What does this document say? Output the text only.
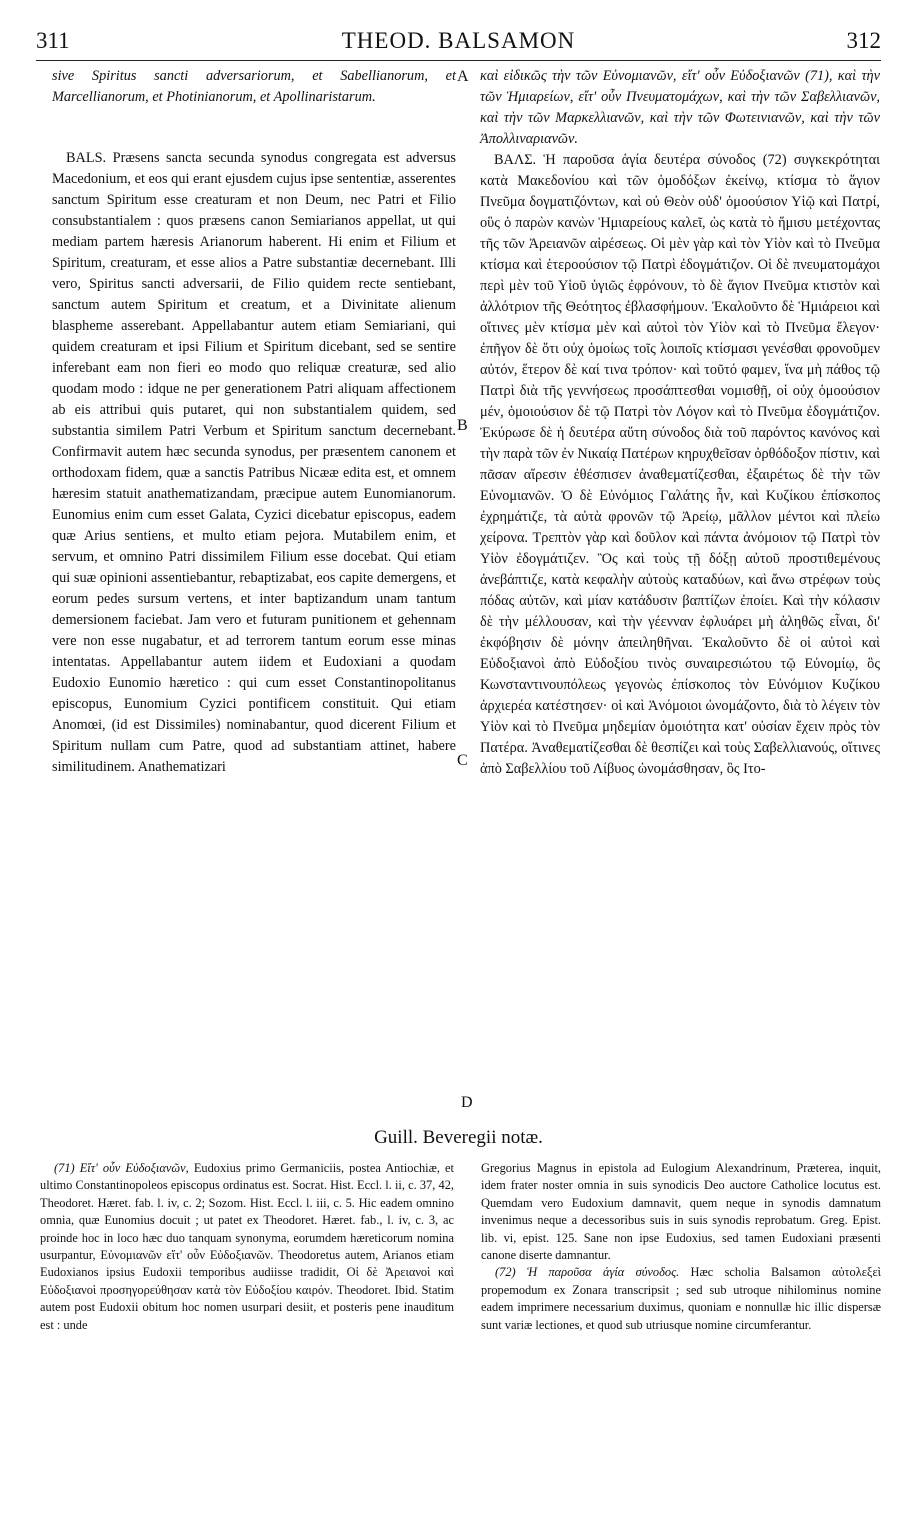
311	THEOD. BALSAMON	312

sive Spiritus sancti adversariorum, et Sabellianorum, et Marcellianorum, et Photinianorum, et Apollinaristarum.

BALS. Præsens sancta secunda synodus congregata est adversus Macedonium, et eos qui erant ejusdem cujus ipse sententiæ, asserentes sanctum Spiritum esse creaturam et non Deum, nec Patri et Filio consubstantialem : quos præsens canon Semiarianos appellat, ut qui mediam partem hæresis Arianorum haberent. Hi enim et Filium et Spiritum, creaturam, et esse alios a Patre substantiæ decernebant. Illi vero, Spiritus sancti adversarii, de Filio quidem recte sentiebant, sanctum autem Spiritum et creatum, et a Divinitate alienum blaspheme asserebant. Appellabantur autem etiam Semiariani, qui quidem creaturam et ipsi Filium et Spiritum dicebant, sed se sentire inferebant eam non fieri eo modo quo reliquæ creaturæ, sed alio quodam modo : idque ne per generationem Patri aliquam affectionem ab eis attribui quis putaret, qui non substantialem quidem, sed substantia similem Patri Verbum et Spiritum sanctum decernebant. Confirmavit autem hæc secunda synodus, per præsentem canonem et orthodoxam fidem, quæ a sanctis Patribus Nicææ edita est, et omnem hæresim statuit anathematizandam, præcipue autem Eunomianorum. Eunomius enim cum esset Galata, Cyzici dicebatur episcopus, eadem quæ Arius sentiens, et multo etiam pejora. Mutabilem enim, et servum, et omnino Patri dissimilem Filium esse docebat. Qui etiam qui suæ opinioni assentiebantur, rebaptizabat, eos capite demergens, et eorum pedes sursum vertens, et inter baptizandum unam tantum demersionem faciebat. Jam vero et futuram punitionem et gehennam vere non esse nugabatur, et ad terrorem tantum eorum esse minas intentatas. Appellabantur autem iidem et Eudoxiani a quodam Eudoxio Eunomio hæretico : qui cum esset Constantinopolitanus episcopus, Eunomium Cyzici pontificem constituit. Qui etiam Anomœi, (id est Dissimiles) nominabantur, quod dicerent Filium et Spiritum nullam cum Patre, quod ad substantiam attinet, habere similitudinem. Anathematizari

καὶ εἰδικῶς τὴν τῶν Εὐνομιανῶν, εἴτ' οὖν Εὐδοξιανῶν (71), καὶ τὴν τῶν Ἡμιαρείων, εἴτ' οὖν Πνευματομάχων, καὶ τὴν τῶν Σαβελλιανῶν, καὶ τὴν τῶν Μαρκελλιανῶν, καὶ τὴν τῶν Φωτεινιανῶν, καὶ τὴν τῶν Ἀπολλιναριανῶν.

ΒΑΛΣ. Ἡ παροῦσα ἁγία δευτέρα σύνοδος (72) συγκεκρότηται κατὰ Μακεδονίου καὶ τῶν ὁμοδόξων ἐκείνῳ, κτίσμα τὸ ἅγιον Πνεῦμα δογματιζόντων, καὶ οὐ Θεὸν οὐδ' ὁμοούσιον Υἱῷ καὶ Πατρί, οὓς ὁ παρὼν κανὼν Ἡμιαρείους καλεῖ, ὡς κατὰ τὸ ἥμισυ μετέχοντας τῆς τῶν Ἀρειανῶν αἱρέσεως. Οἱ μὲν γὰρ καὶ τὸν Υἱὸν καὶ τὸ Πνεῦμα κτίσμα καὶ ἑτεροούσιον τῷ Πατρὶ ἐδογμάτιζον. Οἱ δὲ πνευματομάχοι περὶ μὲν τοῦ Υἱοῦ ὑγιῶς ἐφρόνουν, τὸ δὲ ἅγιον Πνεῦμα κτιστὸν καὶ ἀλλότριον τῆς Θεότητος ἐβλασφήμουν. Ἐκαλοῦντο δὲ Ἡμιάρειοι καὶ οἵτινες μὲν κτίσμα μὲν καὶ αὐτοὶ τὸν Υἱὸν καὶ τὸ Πνεῦμα ἔλεγον· ἐπῆγον δὲ ὅτι οὐχ ὁμοίως τοῖς λοιποῖς κτίσμασι γενέσθαι φρονοῦμεν αὐτόν, ἕτερον δὲ καί τινα τρόπον· καὶ τοῦτό φαμεν, ἵνα μὴ πάθος τῷ Πατρὶ διὰ τῆς γεννήσεως προσάπτεσθαι νομισθῇ, οἱ οὐχ ὁμοούσιον μέν, ὁμοιούσιον δὲ τῷ Πατρὶ τὸν Λόγον καὶ τὸ Πνεῦμα ἐδογμάτιζον. Ἐκύρωσε δὲ ἡ δευτέρα αὕτη σύνοδος διὰ τοῦ παρόντος κανόνος καὶ τὴν παρὰ τῶν ἐν Νικαίᾳ Πατέρων κηρυχθεῖσαν ὀρθόδοξον πίστιν, καὶ πᾶσαν αἵρεσιν ἐθέσπισεν ἀναθεματίζεσθαι, ἐξαιρέτως δὲ τὴν τῶν Εὐνομιανῶν. Ὁ δὲ Εὐνόμιος Γαλάτης ἦν, καὶ Κυζίκου ἐπίσκοπος ἐχρημάτιζε, τὰ αὐτὰ φρονῶν τῷ Ἀρείῳ, μᾶλλον μέντοι καὶ πλείω χείρονα. Τρεπτὸν γὰρ καὶ δοῦλον καὶ πάντα ἀνόμοιον τῷ Πατρὶ τὸν Υἱὸν ἐδογμάτιζεν. Ὃς καὶ τοὺς τῇ δόξῃ αὐτοῦ προστιθεμένους ἀνεβάπτιζε, κατὰ κεφαλὴν αὐτοὺς καταδύων, καὶ ἄνω στρέφων τοὺς πόδας αὐτῶν, καὶ μίαν κατάδυσιν βαπτίζων ἐποίει. Καὶ τὴν κόλασιν δὲ τὴν μέλλουσαν, καὶ τὴν γέενναν ἐφλυάρει μὴ ἀληθῶς εἶναι, δι' ἐκφόβησιν δὲ μόνην ἀπειληθῆναι. Ἐκαλοῦντο δὲ οἱ αὐτοὶ καὶ Εὐδοξιανοὶ ἀπὸ Εὐδοξίου τινὸς συναιρεσιώτου τῷ Εὐνομίῳ, ὃς Κωνσταντινουπόλεως γεγονὼς ἐπίσκοπος τὸν Εὐνόμιον Κυζίκου ἀρχιερέα κατέστησεν· οἱ καὶ Ἀνόμοιοι ὠνομάζοντο, διὰ τὸ λέγειν τὸν Υἱὸν καὶ τὸ Πνεῦμα μηδεμίαν ὁμοιότητα κατ' οὐσίαν ἔχειν πρὸς τὸν Πατέρα. Ἀναθεματίζεσθαι δὲ θεσπίζει καὶ τοὺς Σαβελλιανούς, οἵτινες ἀπὸ Σαβελλίου τοῦ Λίβυος ὠνομάσθησαν, ὃς Ιτο-

A
B
C
D
Guill. Beveregii notæ.

(71) Εἴτ' οὖν Εὐδοξιανῶν, Eudoxius primo Germaniciis, postea Antiochiæ, et ultimo Constantinopoleos episcopus ordinatus est. Socrat. Hist. Eccl. l. ii, c. 37, 42, Theodoret. Hæret. fab. l. iv, c. 2; Sozom. Hist. Eccl. l. iii, c. 5. Hic eadem omnino omnia, quæ Eunomius docuit ; ut patet ex Theodoret. Hæret. fab., l. iv, c. 3, ac proinde hoc in loco hæc duo tanquam synonyma, eorumdem hæreticorum nomina usurpantur, Εὐνομιανῶν εἴτ' οὖν Εὐδοξιανῶν. Theodoretus autem, Arianos etiam Eudoxianos ipsius Eudoxii temporibus audiisse tradidit, Οἱ δὲ Ἀρειανοὶ καὶ Εὐδοξιανοὶ προσηγορεύθησαν κατὰ τὸν Εὐδοξίου καιρόν. Theodoret. Ibid. Statim autem post Eudoxii obitum hoc nomen usurpari desiit, et posteris pene inauditum est : unde

Gregorius Magnus in epistola ad Eulogium Alexandrinum, Præterea, inquit, idem frater noster omnia in suis synodicis Deo auctore Catholice locutus est. Quemdam vero Eudoxium damnavit, quem neque in synodis damnatum invenimus neque a decessoribus suis in suis synodis reprobatum. Greg. Epist. lib. vi, epist. 125. Sane non ipse Eudoxius, sed tamen Eudoxiani præsenti canone diserte damnantur.

(72) Ἡ παροῦσα ἁγία σύνοδος. Hæc scholia Balsamon αὐτολεξεὶ propemodum ex Zonara transcripsit ; sed sub utroque nihilominus nomine eadem imprimere necessarium duximus, quoniam e nonnullæ hic illic dispersæ sunt variæ lectiones, et quod sub utriusque nomine circumferantur.
